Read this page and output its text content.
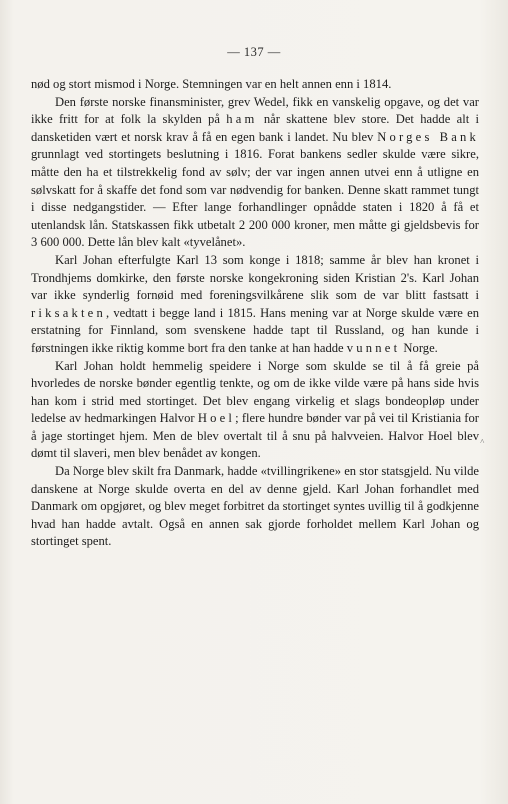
— 137 —

nød og stort mismod i Norge. Stemningen var en helt annen enn i 1814.

Den første norske finansminister, grev Wedel, fikk en vanskelig opgave, og det var ikke fritt for at folk la skylden på ham når skattene blev store. Det hadde alt i dansketiden vært et norsk krav å få en egen bank i landet. Nu blev Norges Bank grunnlagt ved stortingets beslutning i 1816. Forat bankens sedler skulde være sikre, måtte den ha et tilstrekkelig fond av sølv; der var ingen annen utvei enn å utligne en sølvskatt for å skaffe det fond som var nødvendig for banken. Denne skatt rammet tungt i disse nedgangstider. — Efter lange forhandlinger opnådde staten i 1820 å få et utenlandsk lån. Statskassen fikk utbetalt 2 200 000 kroner, men måtte gi gjeldsbevis for 3 600 000. Dette lån blev kalt «tyvelånet».

Karl Johan efterfulgte Karl 13 som konge i 1818; samme år blev han kronet i Trondhjems domkirke, den første norske kongekroning siden Kristian 2's. Karl Johan var ikke synderlig fornøid med foreningsvilkårene slik som de var blitt fastsatt i riksakten, vedtatt i begge land i 1815. Hans mening var at Norge skulde være en erstatning for Finnland, som svenskene hadde tapt til Russland, og han kunde i førstningen ikke riktig komme bort fra den tanke at han hadde vunnet Norge.

Karl Johan holdt hemmelig speidere i Norge som skulde se til å få greie på hvorledes de norske bønder egentlig tenkte, og om de ikke vilde være på hans side hvis han kom i strid med stortinget. Det blev engang virkelig et slags bondeopløp under ledelse av hedmarkingen Halvor Hoel; flere hundre bønder var på vei til Kristiania for å jage stortinget hjem. Men de blev overtalt til å snu på halvveien. Halvor Hoel blev dømt til slaveri, men blev benådet av kongen.

Da Norge blev skilt fra Danmark, hadde «tvillingrikene» en stor statsgjeld. Nu vilde danskene at Norge skulde overta en del av denne gjeld. Karl Johan forhandlet med Danmark om opgjøret, og blev meget forbitret da stortinget syntes uvillig til å godkjenne hvad han hadde avtalt. Også en annen sak gjorde forholdet mellem Karl Johan og stortinget spent.

˄
